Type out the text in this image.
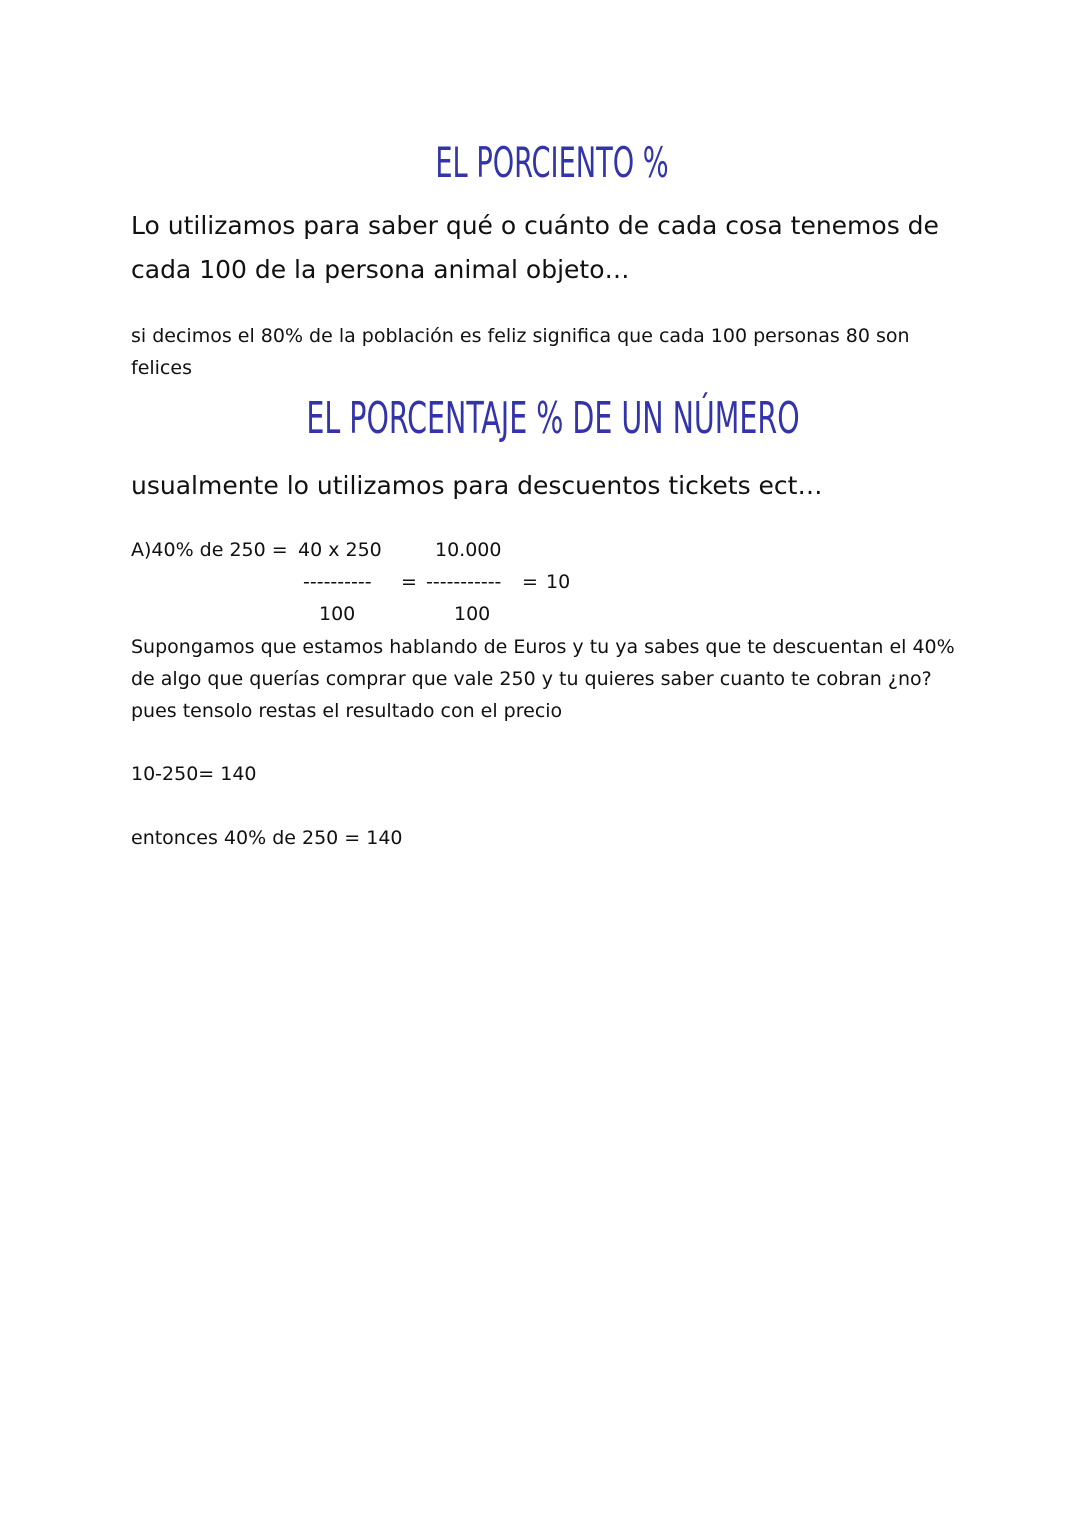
EL PORCIENTO %

Lo utilizamos para saber qué o cuánto de cada cosa tenemos de cada 100 de la persona animal objeto…

si decimos el 80% de la población es feliz significa que cada 100 personas 80 son felices

EL PORCENTAJE % DE UN NÚMERO

usualmente lo utilizamos para descuentos tickets ect…

A)40% de 250 = 40 x 250	10.000
---------- = ----------- = 10
100	100

Supongamos que estamos hablando de Euros y tu ya sabes que te descuentan el 40% de algo que querías comprar que vale 250 y tu quieres saber cuanto te cobran ¿no? pues tensolo restas el resultado con el precio

10-250= 140

entonces 40% de 250 = 140
